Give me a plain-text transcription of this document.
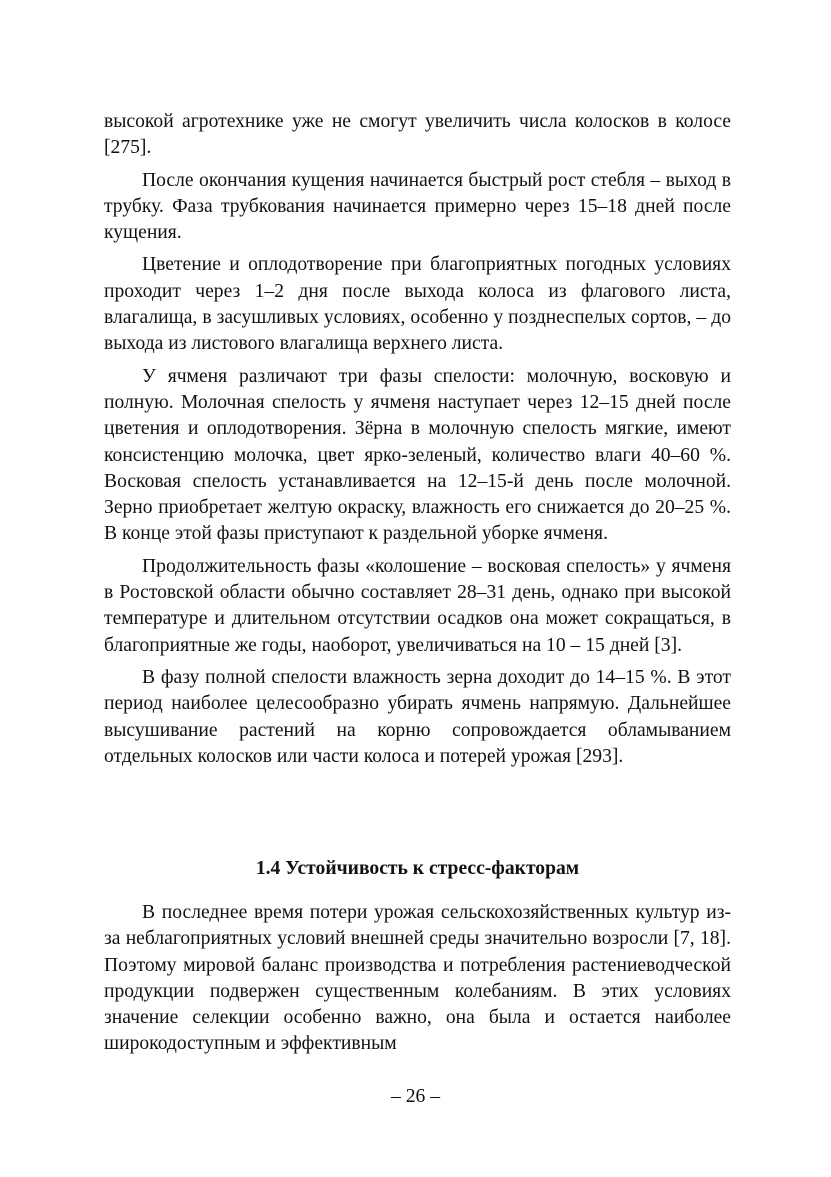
высокой агротехнике уже не смогут увеличить числа колосков в колосе [275].

После окончания кущения начинается быстрый рост стебля – выход в трубку. Фаза трубкования начинается примерно через 15–18 дней после кущения.

Цветение и оплодотворение при благоприятных погодных условиях проходит через 1–2 дня после выхода колоса из флагового листа, влагалища, в засушливых условиях, особенно у позднеспелых сортов, – до выхода из листового влагалища верхнего листа.

У ячменя различают три фазы спелости: молочную, восковую и полную. Молочная спелость у ячменя наступает через 12–15 дней после цветения и оплодотворения. Зёрна в молочную спелость мягкие, имеют консистенцию молочка, цвет ярко-зеленый, количество влаги 40–60 %. Восковая спелость устанавливается на 12–15-й день после молочной. Зерно приобретает желтую окраску, влажность его снижается до 20–25 %. В конце этой фазы приступают к раздельной уборке ячменя.

Продолжительность фазы «колошение – восковая спелость» у ячменя в Ростовской области обычно составляет 28–31 день, однако при высокой температуре и длительном отсутствии осадков она может сокращаться, в благоприятные же годы, наоборот, увеличиваться на 10 – 15 дней [3].

В фазу полной спелости влажность зерна доходит до 14–15 %. В этот период наиболее целесообразно убирать ячмень напрямую. Дальнейшее высушивание растений на корню сопровождается обламыванием отдельных колосков или части колоса и потерей урожая [293].

1.4 Устойчивость к стресс-факторам

В последнее время потери урожая сельскохозяйственных культур из-за неблагоприятных условий внешней среды значительно возросли [7, 18]. Поэтому мировой баланс производства и потребления растениеводческой продукции подвержен существенным колебаниям. В этих условиях значение селекции особенно важно, она была и остается наиболее широкодоступным и эффективным

– 26 –
